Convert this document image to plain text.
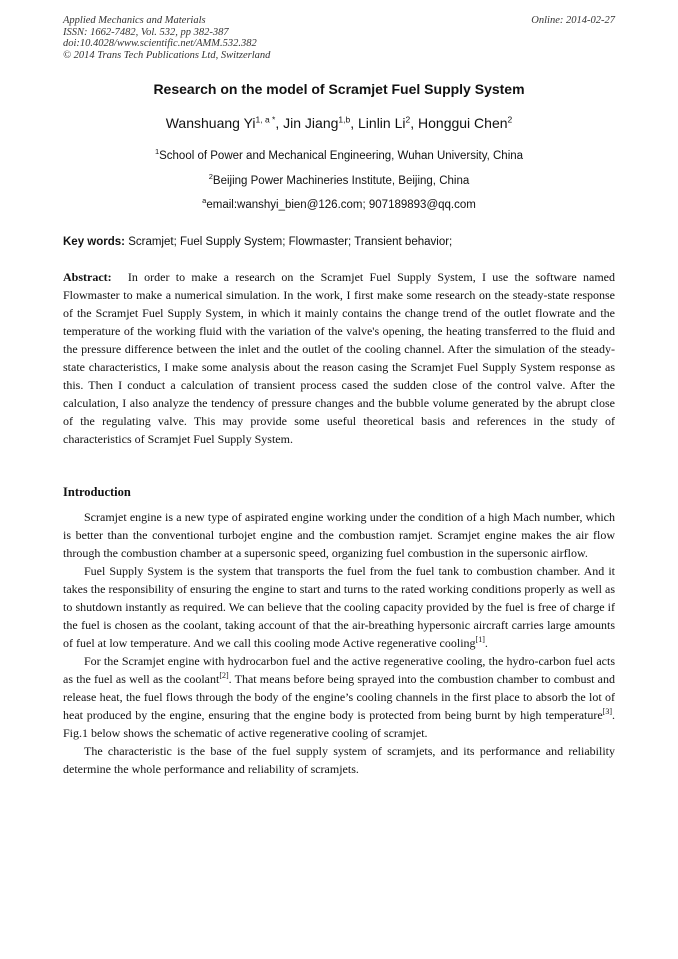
Applied Mechanics and Materials
ISSN: 1662-7482, Vol. 532, pp 382-387
doi:10.4028/www.scientific.net/AMM.532.382
© 2014 Trans Tech Publications Ltd, Switzerland
Online: 2014-02-27
Research on the model of Scramjet Fuel Supply System
Wanshuang $Yi^{1, a *}$, Jin Jiang$^{1,b}$, Linlin Li$^2$, Honggui Chen$^2$
$^1$School of Power and Mechanical Engineering, Wuhan University, China
$^2$Beijing Power Machineries Institute, Beijing, China
$^a$email:wanshyi_bien@126.com; 907189893@qq.com
Key words: Scramjet; Fuel Supply System; Flowmaster; Transient behavior;
Abstract: In order to make a research on the Scramjet Fuel Supply System, I use the software named Flowmaster to make a numerical simulation. In the work, I first make some research on the steady-state response of the Scramjet Fuel Supply System, in which it mainly contains the change trend of the outlet flowrate and the temperature of the working fluid with the variation of the valve's opening, the heating transferred to the fluid and the pressure difference between the inlet and the outlet of the cooling channel. After the simulation of the steady-state characteristics, I make some analysis about the reason casing the Scramjet Fuel Supply System response as this. Then I conduct a calculation of transient process cased the sudden close of the control valve. After the calculation, I also analyze the tendency of pressure changes and the bubble volume generated by the abrupt close of the regulating valve. This may provide some useful theoretical basis and references in the study of characteristics of Scramjet Fuel Supply System.
Introduction

Scramjet engine is a new type of aspirated engine working under the condition of a high Mach number, which is better than the conventional turbojet engine and the combustion ramjet. Scramjet engine makes the air flow through the combustion chamber at a supersonic speed, organizing fuel combustion in the supersonic airflow.

Fuel Supply System is the system that transports the fuel from the fuel tank to combustion chamber. And it takes the responsibility of ensuring the engine to start and turns to the rated working conditions properly as well as to shutdown instantly as required. We can believe that the cooling capacity provided by the fuel is free of charge if the fuel is chosen as the coolant, taking account of that the air-breathing hypersonic aircraft carries large amounts of fuel at low temperature. And we call this cooling mode Active regenerative cooling[1].

For the Scramjet engine with hydrocarbon fuel and the active regenerative cooling, the hydro-carbon fuel acts as the fuel as well as the coolant[2]. That means before being sprayed into the combustion chamber to combust and release heat, the fuel flows through the body of the engine’s cooling channels in the first place to absorb the lot of heat produced by the engine, ensuring that the engine body is protected from being burnt by high temperature[3]. Fig.1 below shows the schematic of active regenerative cooling of scramjet.

The characteristic is the base of the fuel supply system of scramjets, and its performance and reliability determine the whole performance and reliability of scramjets.
